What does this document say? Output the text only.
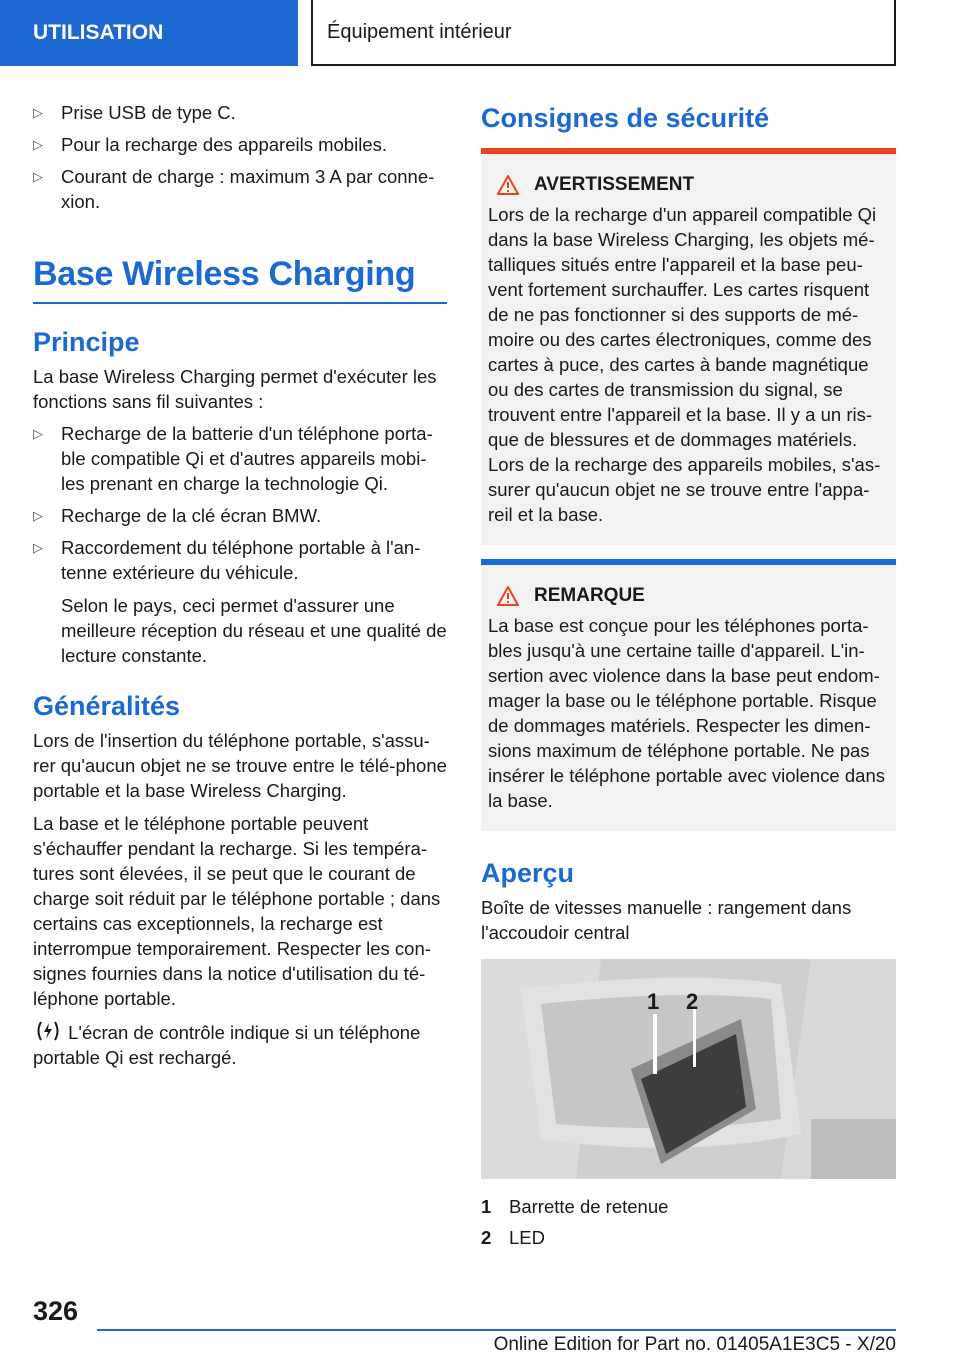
UTILISATION	Équipement intérieur
▷ Prise USB de type C.
▷ Pour la recharge des appareils mobiles.
▷ Courant de charge : maximum 3 A par conne-xion.
Base Wireless Charging
Principe
La base Wireless Charging permet d'exécuter les fonctions sans fil suivantes :
▷ Recharge de la batterie d'un téléphone porta-ble compatible Qi et d'autres appareils mobi-les prenant en charge la technologie Qi.
▷ Recharge de la clé écran BMW.
▷ Raccordement du téléphone portable à l'an-tenne extérieure du véhicule.
Selon le pays, ceci permet d'assurer une meilleure réception du réseau et une qualité de lecture constante.
Généralités
Lors de l'insertion du téléphone portable, s'assu-rer qu'aucun objet ne se trouve entre le télé-phone portable et la base Wireless Charging.
La base et le téléphone portable peuvent s'échauffer pendant la recharge. Si les tempéra-tures sont élevées, il se peut que le courant de charge soit réduit par le téléphone portable ; dans certains cas exceptionnels, la recharge est interrompue temporairement. Respecter les con-signes fournies dans la notice d'utilisation du té-léphone portable.
L'écran de contrôle indique si un téléphone portable Qi est rechargé.
Consignes de sécurité
AVERTISSEMENT
Lors de la recharge d'un appareil compatible Qi dans la base Wireless Charging, les objets mé-talliques situés entre l'appareil et la base peu-vent fortement surchauffer. Les cartes risquent de ne pas fonctionner si des supports de mé-moire ou des cartes électroniques, comme des cartes à puce, des cartes à bande magnétique ou des cartes de transmission du signal, se trouvent entre l'appareil et la base. Il y a un ris-que de blessures et de dommages matériels. Lors de la recharge des appareils mobiles, s'as-surer qu'aucun objet ne se trouve entre l'appa-reil et la base.
REMARQUE
La base est conçue pour les téléphones porta-bles jusqu'à une certaine taille d'appareil. L'in-sertion avec violence dans la base peut endom-mager la base ou le téléphone portable. Risque de dommages matériels. Respecter les dimen-sions maximum de téléphone portable. Ne pas insérer le téléphone portable avec violence dans la base.
Aperçu
Boîte de vitesses manuelle : rangement dans l'accoudoir central
1 2
1 Barrette de retenue
2 LED
326
Online Edition for Part no. 01405A1E3C5 - X/20
